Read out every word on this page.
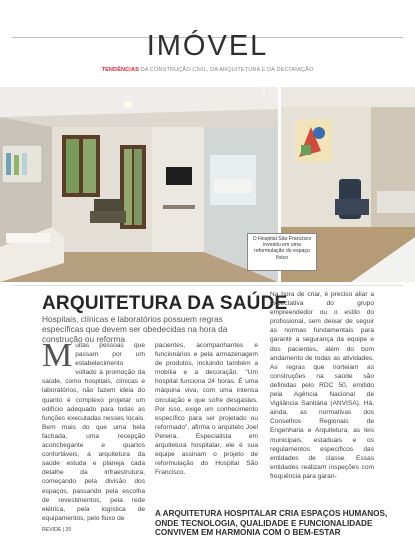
IMÓVEL
TENDÊNCIAS DA CONSTRUÇÃO CIVIL, DA ARQUITETURA E DA DECORAÇÃO
Foto: Marcelo Ruiz
O Hospital São Francisco investiu em uma reformulação do espaço físico
ARQUITETURA DA SAÚDE
Hospitais, clínicas e laboratórios possuem regras específicas que devem ser obedecidas na hora da construção ou reforma
Muitas pessoas que passam por um estabelecimento voltado à promoção da saúde, como hospitais, clínicas e laboratórios, não fazem ideia do quanto é complexo projetar um edifício adequado para todas as funções executadas nesses locais. Bem mais do que uma bela fachada, uma recepção aconchegante e quartos confortáveis, a arquitetura da saúde estuda e planeja cada detalhe da infraestrutura, começando pela divisão dos espaços, passando pela escolha de revestimentos, pela rede elétrica, pela logística de equipamentos, pelo fluxo de
pacientes, acompanhantes e funcionários e pela armazenagem de produtos, incluindo também a mobília e a decoração. "Um hospital funciona 24 horas. É uma máquina viva, com uma intensa circulação e que sofre desgastes. Por isso, exige um conhecimento específico para ser projetado ou reformado", afirma o arquiteto Joel Pereira. Especialista em arquitetura hospitalar, ele é sua equipe assinam o projeto de reformulação do Hospital São Francisco.
Na hora de criar, é preciso aliar a expectativa do grupo empreendedor ou o estilo do profissional, sem deixar de seguir as normas fundamentais para garantir a segurança da equipe e dos pacientes, além do bom andamento de todas as atividades. As regras que norteiam as construções na saúde são definidas pelo RDC 50, emitido pela Agência Nacional de Vigilância Sanitária (ANVISA). Há, ainda, as normativas dos Conselhos Regionais de Engenharia e Arquitetura, as leis municipais, estaduais e os regulamentos específicos das entidades de classe. Essas entidades realizam inspeções com frequência para garan-
A ARQUITETURA HOSPITALAR CRIA ESPAÇOS HUMANOS, ONDE TECNOLOGIA, QUALIDADE E FUNCIONALIDADE CONVIVEM EM HARMONIA COM O BEM-ESTAR
REVIDE | 20
